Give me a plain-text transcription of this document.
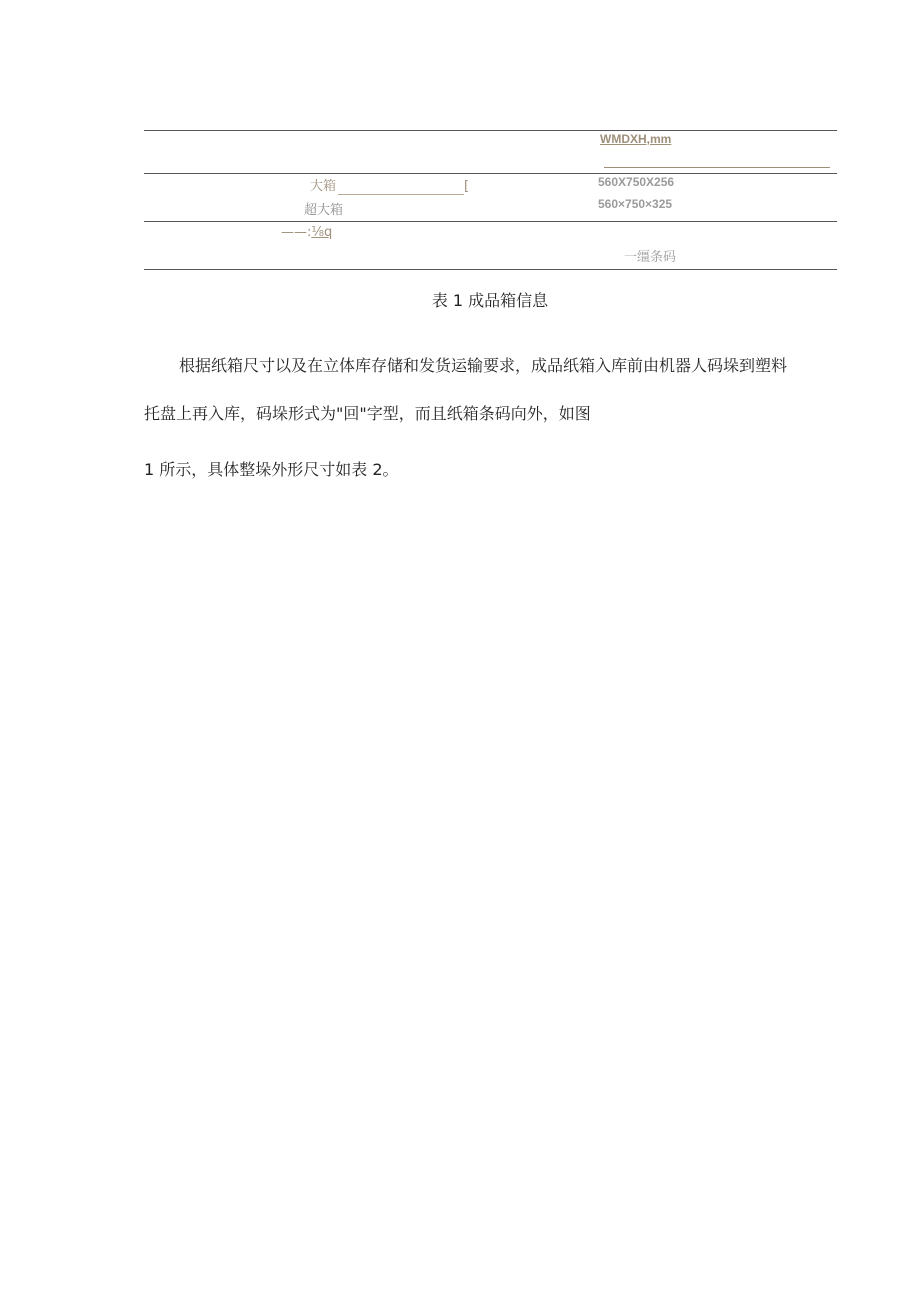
WMDXH,mm
大箱	[	560X750X256
超大箱	560×750×325
——:⅛q
一缰条码
表 1 成品箱信息
根据纸箱尺寸以及在立体库存储和发货运输要求，成品纸箱入库前由机器人码垛到塑料
托盘上再入库，码垛形式为"回"字型，而且纸箱条码向外，如图
1 所示，具体整垛外形尺寸如表 2。
